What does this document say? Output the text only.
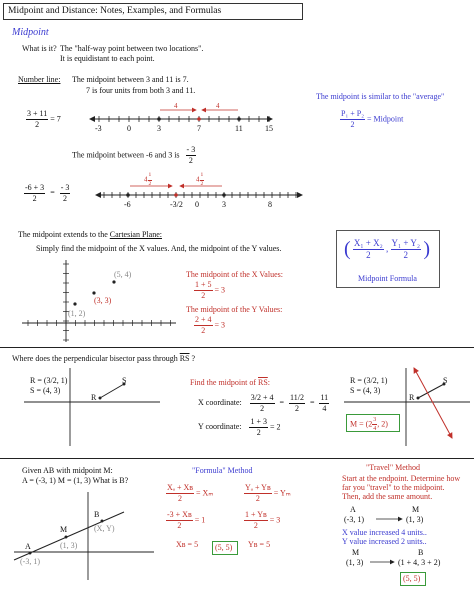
Midpoint and Distance: Notes, Examples, and Formulas
Midpoint
What is it? The "half-way point between two locations".
It is equidistant to each point.
Number line: The midpoint between 3 and 11 is 7.
7 is four units from both 3 and 11.
$\frac{3 + 11}{2} = 7$
-3	0	3	7	11	15
4	4
The midpoint is similar to the "average"
$\frac{\text{P₁ + P₂}}{2}$ = Midpoint
The midpoint between -6 and 3 is $\frac{- 3}{2}$
$\frac{-6 + 3}{2} = \frac{- 3}{2}$
-6	-3/2 0	3	8
$4 \frac{1}{2}$	$4 \frac{1}{2}$
The midpoint extends to the Cartesian Plane:
Simply find the midpoint of the X values. And, the midpoint of the Y values.
(1, 2)
(3, 3)
(5, 4)	The midpoint of the X Values:
$\frac{1 + 5}{2} = 3$
The midpoint of the Y Values:
$\frac{2 + 4}{2} = 3$
( $\frac{\text{X₁ + X₂}}{2}$ , $\frac{\text{Y₁ + Y₂}}{2}$ )
Midpoint Formula
Where does the perpendicular bisector pass through $\overline{RS}$ ?
R = (3/2, 1)
S = (4, 3)
R
S	Find the midpoint of $\overline{RS}$:
X coordinate: $\frac{3/2 + 4}{2} = \frac{11/2}{2} = \frac{11}{4}$
Y coordinate: $\frac{1 + 3}{2} = 2$
R = (3/2, 1)
S = (4, 3)
R
S
$M = (2 \frac{3}{4}$ , 2)
Given AB with midpoint M:
A = (-3, 1) M = (1, 3) What is B?
A
M
B
(-3, 1)
(1, 3)
(X, Y)
"Formula" Method
$\frac{\text{Xₐ + Xʙ}}{2} = X_m$	$\frac{\text{Yₐ + Yʙ}}{2} = Y_m$
$\frac{\text{-3 + Xʙ}}{2} = 1$	$\frac{\text{1 + Yʙ}}{2} = 3$
Xʙ = 5	Yʙ = 5
(5, 5)
"Travel" Method
Start at the endpoint. Determine how
far you "travel" to the midpoint.
Then, add the same amount.
A	M
(-3, 1)	(1, 3)
X value increased 4 units..
Y value increased 2 units..
M	B
(1, 3)	(1 + 4, 3 + 2)
(5, 5)
